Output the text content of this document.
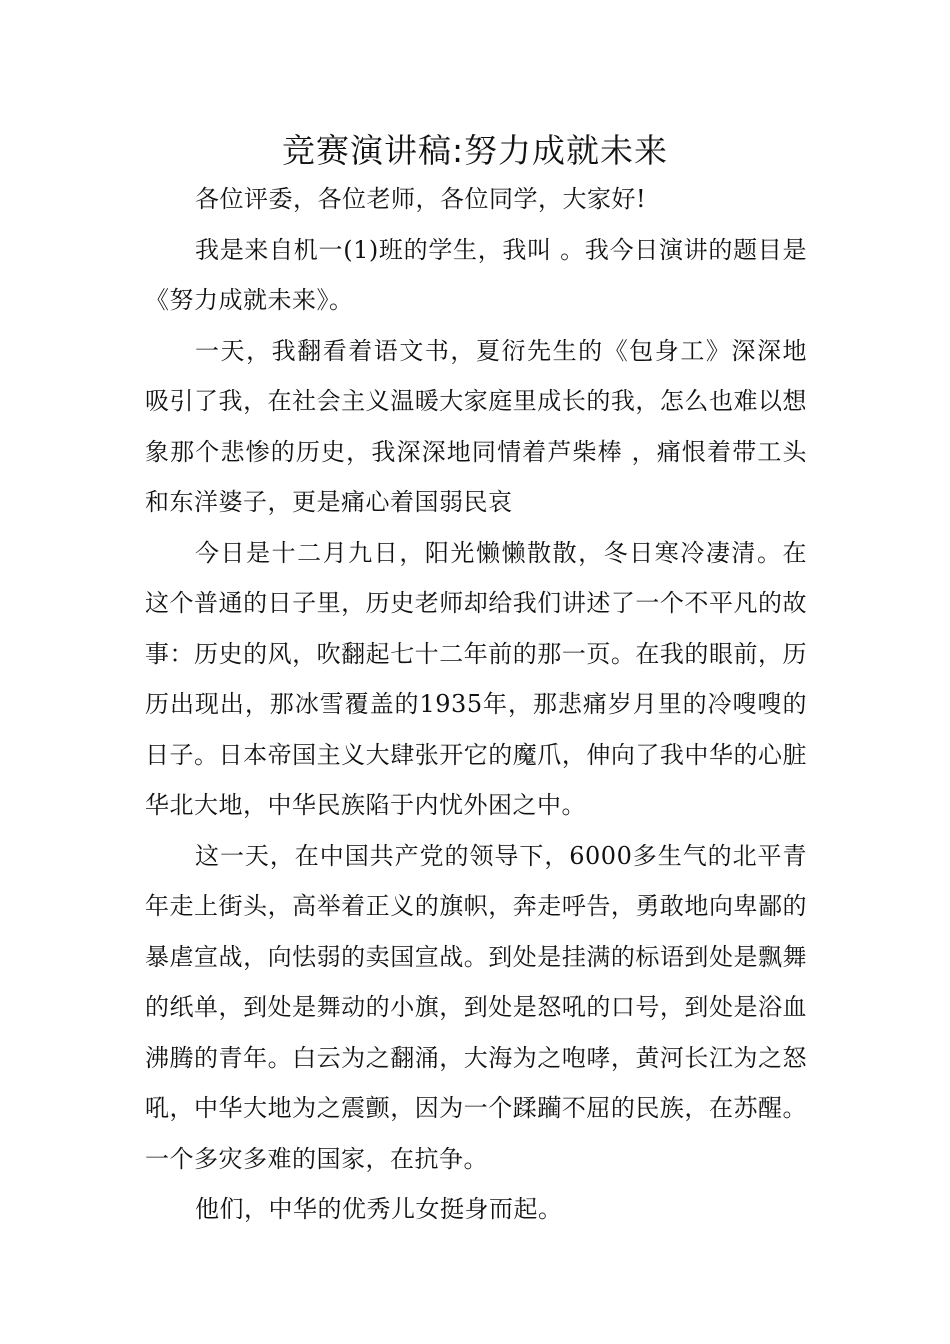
竞赛演讲稿:努力成就未来

各位评委，各位老师，各位同学，大家好!

我是来自机一(1)班的学生，我叫 。我今日演讲的题目是《努力成就未来》。

一天，我翻看着语文书，夏衍先生的《包身工》深深地吸引了我，在社会主义温暖大家庭里成长的我，怎么也难以想象那个悲惨的历史，我深深地同情着芦柴棒 ，痛恨着带工头和东洋婆子，更是痛心着国弱民哀

今日是十二月九日，阳光懒懒散散，冬日寒冷凄清。在这个普通的日子里，历史老师却给我们讲述了一个不平凡的故事：历史的风，吹翻起七十二年前的那一页。在我的眼前，历历出现出，那冰雪覆盖的1935年，那悲痛岁月里的冷嗖嗖的日子。日本帝国主义大肆张开它的魔爪，伸向了我中华的心脏华北大地，中华民族陷于内忧外困之中。

这一天，在中国共产党的领导下，6000多生气的北平青年走上街头，高举着正义的旗帜，奔走呼告，勇敢地向卑鄙的暴虐宣战，向怯弱的卖国宣战。到处是挂满的标语到处是飘舞的纸单，到处是舞动的小旗，到处是怒吼的口号，到处是浴血沸腾的青年。白云为之翻涌，大海为之咆哮，黄河长江为之怒吼，中华大地为之震颤，因为一个蹂躏不屈的民族，在苏醒。一个多灾多难的国家，在抗争。

他们，中华的优秀儿女挺身而起。
